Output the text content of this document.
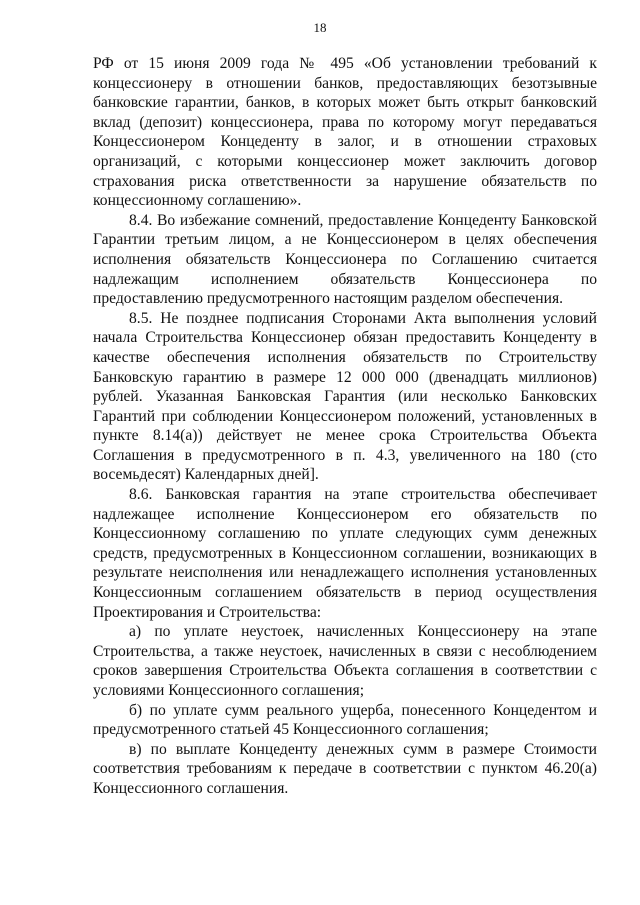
18

РФ от 15 июня 2009 года № 495 «Об установлении требований к концессионеру в отношении банков, предоставляющих безотзывные банковские гарантии, банков, в которых может быть открыт банковский вклад (депозит) концессионера, права по которому могут передаваться Концессионером Концеденту в залог, и в отношении страховых организаций, с которыми концессионер может заключить договор страхования риска ответственности за нарушение обязательств по концессионному соглашению».

8.4. Во избежание сомнений, предоставление Концеденту Банковской Гарантии третьим лицом, а не Концессионером в целях обеспечения исполнения обязательств Концессионера по Соглашению считается надлежащим исполнением обязательств Концессионера по предоставлению предусмотренного настоящим разделом обеспечения.

8.5. Не позднее подписания Сторонами Акта выполнения условий начала Строительства Концессионер обязан предоставить Концеденту в качестве обеспечения исполнения обязательств по Строительству Банковскую гарантию в размере 12 000 000 (двенадцать миллионов) рублей. Указанная Банковская Гарантия (или несколько Банковских Гарантий при соблюдении Концессионером положений, установленных в пункте 8.14(а)) действует не менее срока Строительства Объекта Соглашения в предусмотренного в п. 4.3, увеличенного на 180 (сто восемьдесят) Календарных дней].

8.6. Банковская гарантия на этапе строительства обеспечивает надлежащее исполнение Концессионером его обязательств по Концессионному соглашению по уплате следующих сумм денежных средств, предусмотренных в Концессионном соглашении, возникающих в результате неисполнения или ненадлежащего исполнения установленных Концессионным соглашением обязательств в период осуществления Проектирования и Строительства:

а) по уплате неустоек, начисленных Концессионеру на этапе Строительства, а также неустоек, начисленных в связи с несоблюдением сроков завершения Строительства Объекта соглашения в соответствии с условиями Концессионного соглашения;

б) по уплате сумм реального ущерба, понесенного Концедентом и предусмотренного статьей 45 Концессионного соглашения;

в) по выплате Концеденту денежных сумм в размере Стоимости соответствия требованиям к передаче в соответствии с пунктом 46.20(а) Концессионного соглашения.
